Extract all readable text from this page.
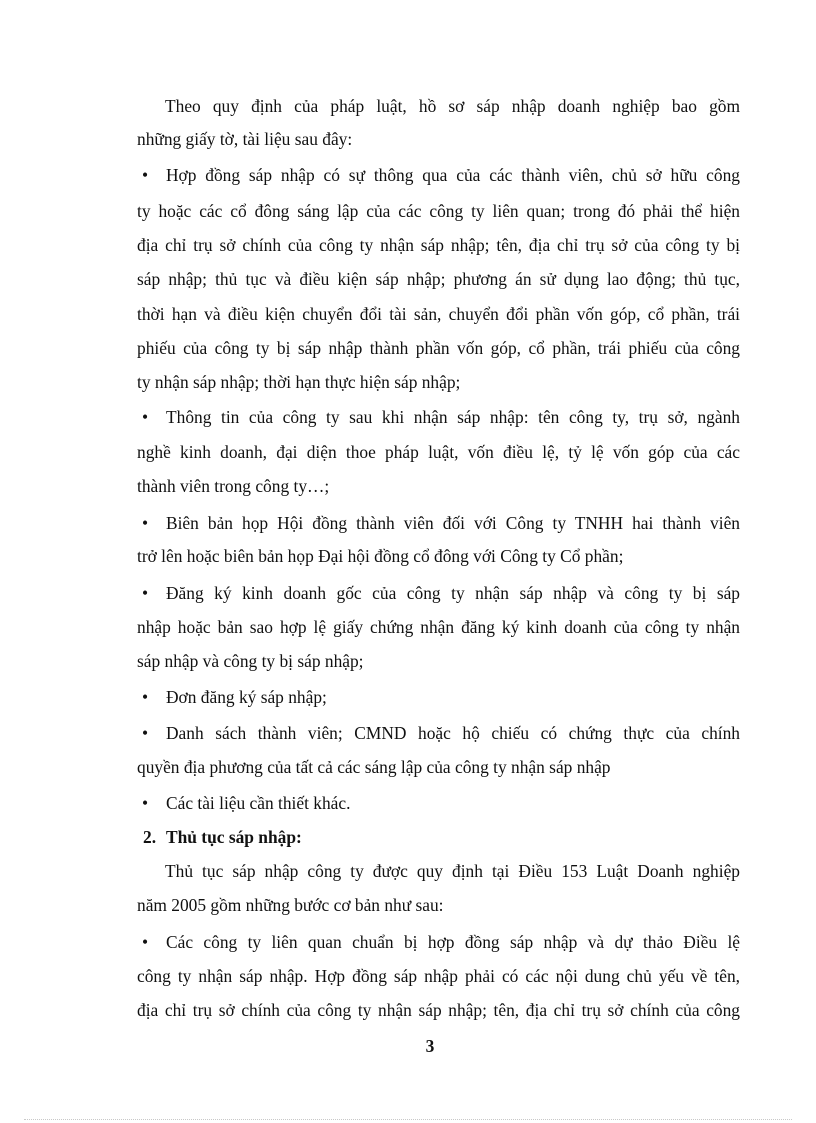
Theo quy định của pháp luật, hồ sơ sáp nhập doanh nghiệp bao gồm
những giấy tờ, tài liệu sau đây:
• Hợp đồng sáp nhập có sự thông qua của các thành viên, chủ sở hữu công
ty hoặc các cổ đông sáng lập của các công ty liên quan; trong đó phải thể hiện
địa chỉ trụ sở chính của công ty nhận sáp nhập; tên, địa chỉ trụ sở của công ty bị
sáp nhập; thủ tục và điều kiện sáp nhập; phương án sử dụng lao động; thủ tục,
thời hạn và điều kiện chuyển đổi tài sản, chuyển đổi phần vốn góp, cổ phần, trái
phiếu của công ty bị sáp nhập thành phần vốn góp, cổ phần, trái phiếu của công
ty nhận sáp nhập; thời hạn thực hiện sáp nhập;
• Thông tin của công ty sau khi nhận sáp nhập: tên công ty, trụ sở, ngành
nghề kinh doanh, đại diện thoe pháp luật, vốn điều lệ, tỷ lệ vốn góp của các
thành viên trong công ty…;
• Biên bản họp Hội đồng thành viên đối với Công ty TNHH hai thành viên
trở lên hoặc biên bản họp Đại hội đồng cổ đông với Công ty Cổ phần;
• Đăng ký kinh doanh gốc của công ty nhận sáp nhập và công ty bị sáp
nhập hoặc bản sao hợp lệ giấy chứng nhận đăng ký kinh doanh của công ty nhận
sáp nhập và công ty bị sáp nhập;
• Đơn đăng ký sáp nhập;
• Danh sách thành viên; CMND hoặc hộ chiếu có chứng thực của chính
quyền địa phương của tất cả các sáng lập của công ty nhận sáp nhập
• Các tài liệu cần thiết khác.
2. Thủ tục sáp nhập:
Thủ tục sáp nhập công ty được quy định tại Điều 153 Luật Doanh nghiệp
năm 2005 gồm những bước cơ bản như sau:
• Các công ty liên quan chuẩn bị hợp đồng sáp nhập và dự thảo Điều lệ
công ty nhận sáp nhập. Hợp đồng sáp nhập phải có các nội dung chủ yếu về tên,
địa chỉ trụ sở chính của công ty nhận sáp nhập; tên, địa chỉ trụ sở chính của công
3
